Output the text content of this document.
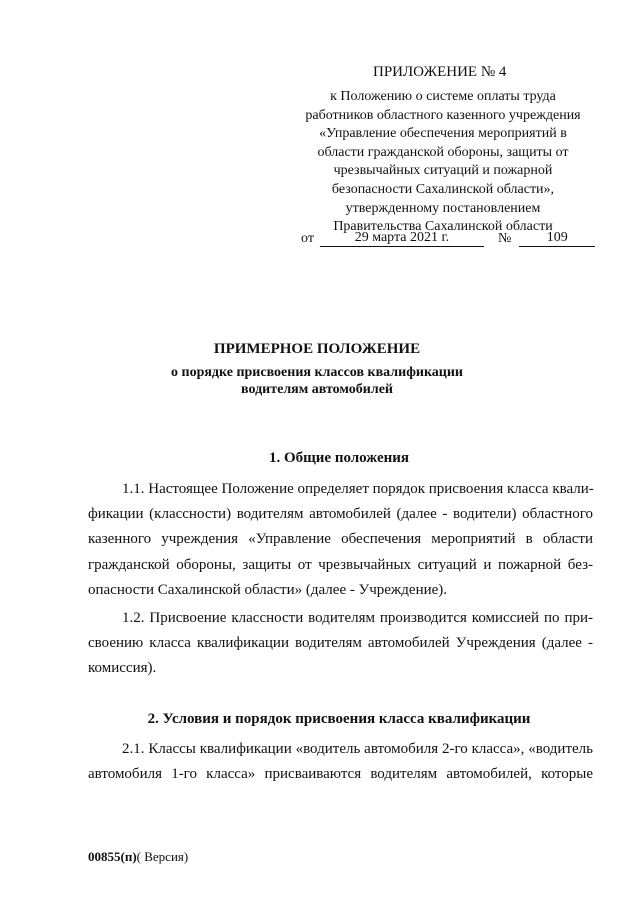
ПРИЛОЖЕНИЕ № 4
к Положению о системе оплаты труда
работников областного казенного учреждения
«Управление обеспечения мероприятий в
области гражданской обороны, защиты от
чрезвычайных ситуаций и пожарной
безопасности Сахалинской области»,
утвержденному постановлением
Правительства Сахалинской области
от	29 марта 2021 г.	№	109
ПРИМЕРНОЕ ПОЛОЖЕНИЕ
о порядке присвоения классов квалификации
водителям автомобилей
1. Общие положения
1.1. Настоящее Положение определяет порядок присвоения класса квали-
фикации (классности) водителям автомобилей (далее - водители) областного
казенного учреждения «Управление обеспечения мероприятий в области
гражданской обороны, защиты от чрезвычайных ситуаций и пожарной без-
опасности Сахалинской области» (далее - Учреждение).
1.2. Присвоение классности водителям производится комиссией по при-
своению класса квалификации водителям автомобилей Учреждения (далее -
комиссия).
2. Условия и порядок присвоения класса квалификации
2.1. Классы квалификации «водитель автомобиля 2-го класса», «водитель
автомобиля 1-го класса» присваиваются водителям автомобилей, которые
00855(п)( Версия)
